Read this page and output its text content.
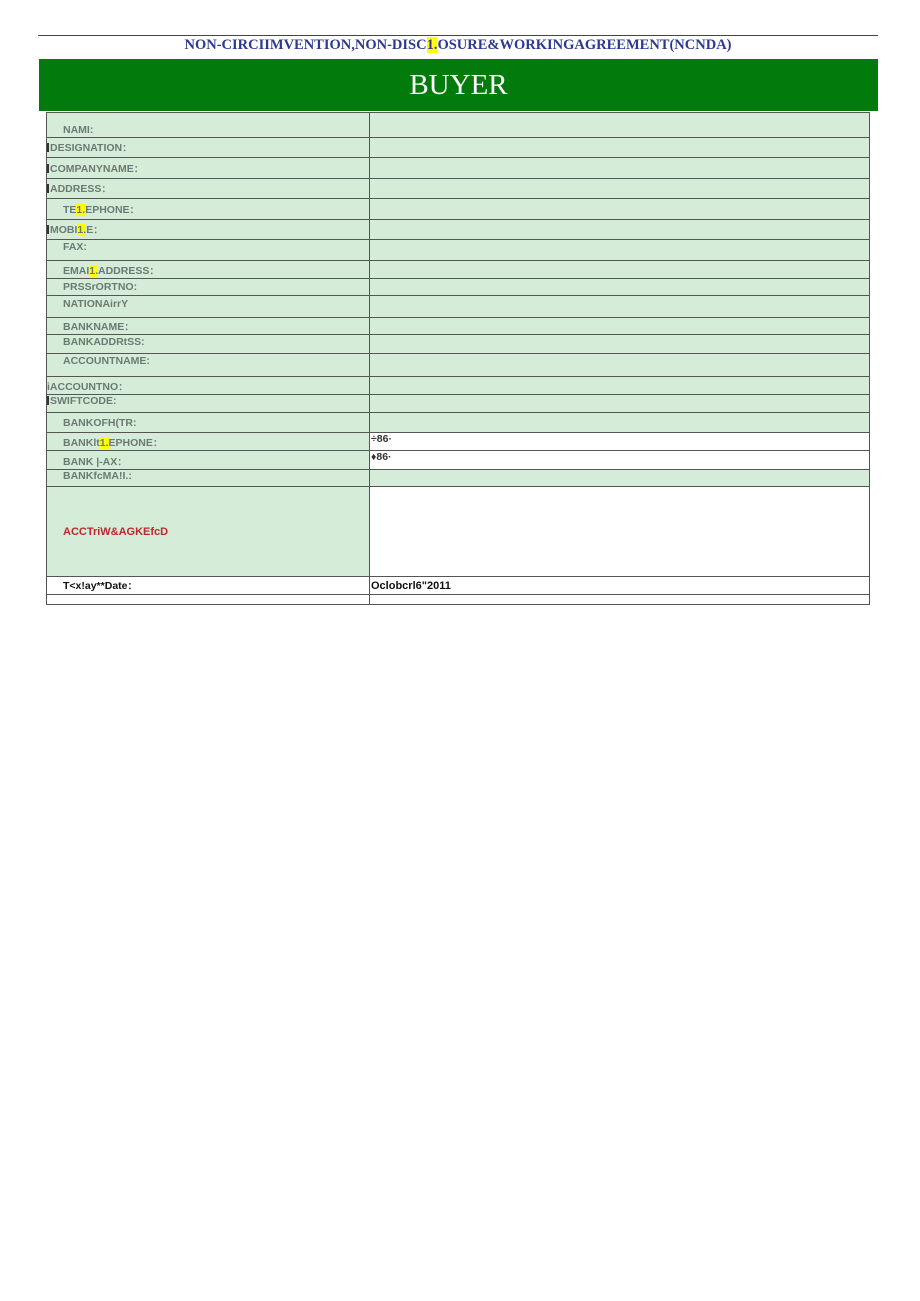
NON-CIRCIIMVENTION,NON-DISC1.OSURE&WORKINGAGREEMENT(NCNDA)
BUYER
NAMI:	
DESIGNATION：	
COMPANYNAME：	
ADDRESS：	
TE1.EPHONE：	
MOBI1.E：	
FAX:	
EMAI1.ADDRESS：	
PRSSrORTNO:	
NATIONAirrY	
BANKNAME：	
BANKADDRtSS:	
ACCOUNTNAME:	
iACCOUNTNO：	
SWIFTCODE:	
BANKOFH(TR:	
BANKlt1.EPHONE：	÷86·
BANK |-AX：	♦86·
BANKfcMA!I.:	
ACCTriW&AGKEfcD	
T<x!ay**Date：	Oclobcrl6"2011
